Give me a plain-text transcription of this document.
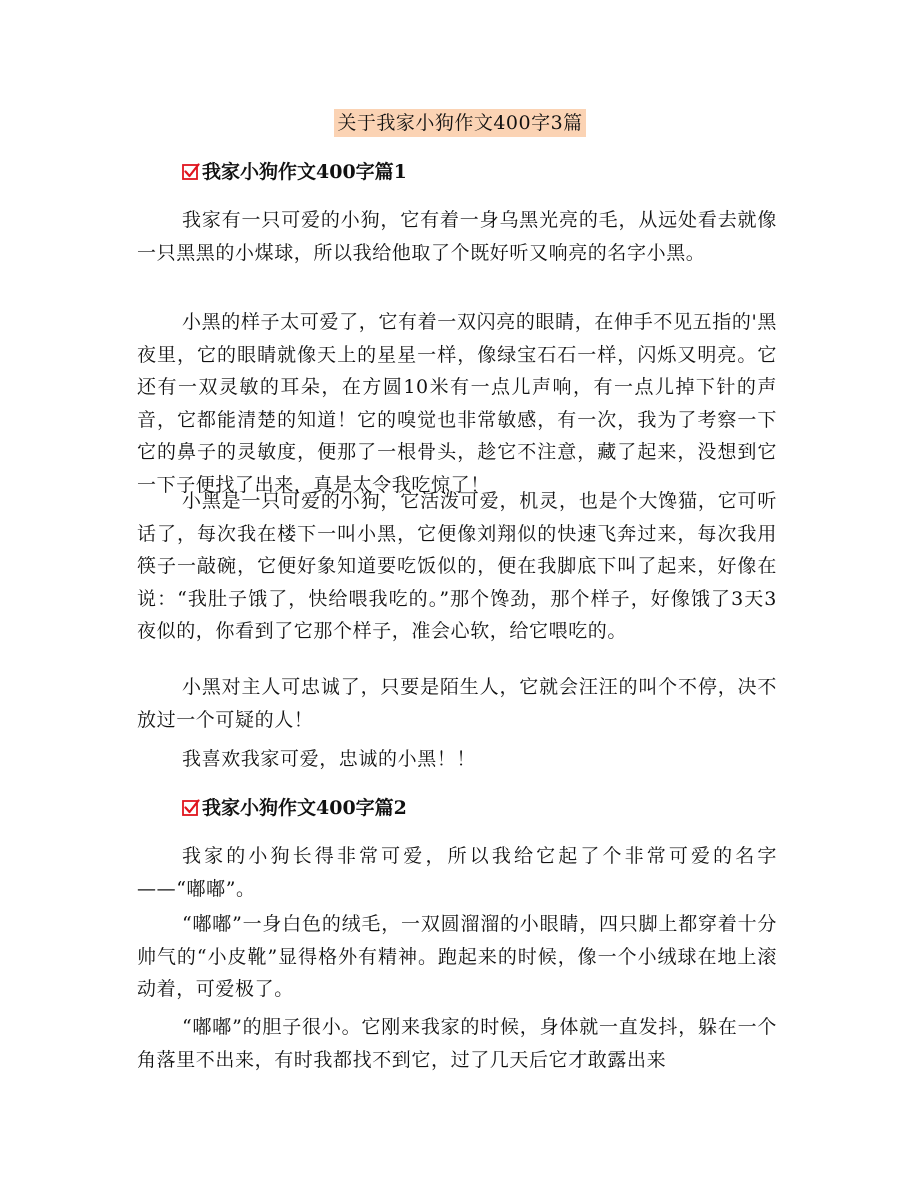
关于我家小狗作文400字3篇
我家小狗作文400字篇1

我家有一只可爱的小狗，它有着一身乌黑光亮的毛，从远处看去就像一只黑黑的小煤球，所以我给他取了个既好听又响亮的名字小黑。

小黑的样子太可爱了，它有着一双闪亮的眼睛，在伸手不见五指的'黑夜里，它的眼睛就像天上的星星一样，像绿宝石石一样，闪烁又明亮。它还有一双灵敏的耳朵，在方圆10米有一点儿声响，有一点儿掉下针的声音，它都能清楚的知道！它的嗅觉也非常敏感，有一次，我为了考察一下它的鼻子的灵敏度，便那了一根骨头，趁它不注意，藏了起来，没想到它一下子便找了出来，真是太令我吃惊了！

小黑是一只可爱的小狗，它活泼可爱，机灵，也是个大馋猫，它可听话了，每次我在楼下一叫小黑，它便像刘翔似的快速飞奔过来，每次我用筷子一敲碗，它便好象知道要吃饭似的，便在我脚底下叫了起来，好像在说：“我肚子饿了，快给喂我吃的。”那个馋劲，那个样子，好像饿了3天3夜似的，你看到了它那个样子，准会心软，给它喂吃的。

小黑对主人可忠诚了，只要是陌生人，它就会汪汪的叫个不停，决不放过一个可疑的人！

我喜欢我家可爱，忠诚的小黑！！

我家小狗作文400字篇2

我家的小狗长得非常可爱，所以我给它起了个非常可爱的名字——“嘟嘟”。

“嘟嘟”一身白色的绒毛，一双圆溜溜的小眼睛，四只脚上都穿着十分帅气的“小皮靴”显得格外有精神。跑起来的时候，像一个小绒球在地上滚动着，可爱极了。

“嘟嘟”的胆子很小。它刚来我家的时候，身体就一直发抖，躲在一个角落里不出来，有时我都找不到它，过了几天后它才敢露出来
